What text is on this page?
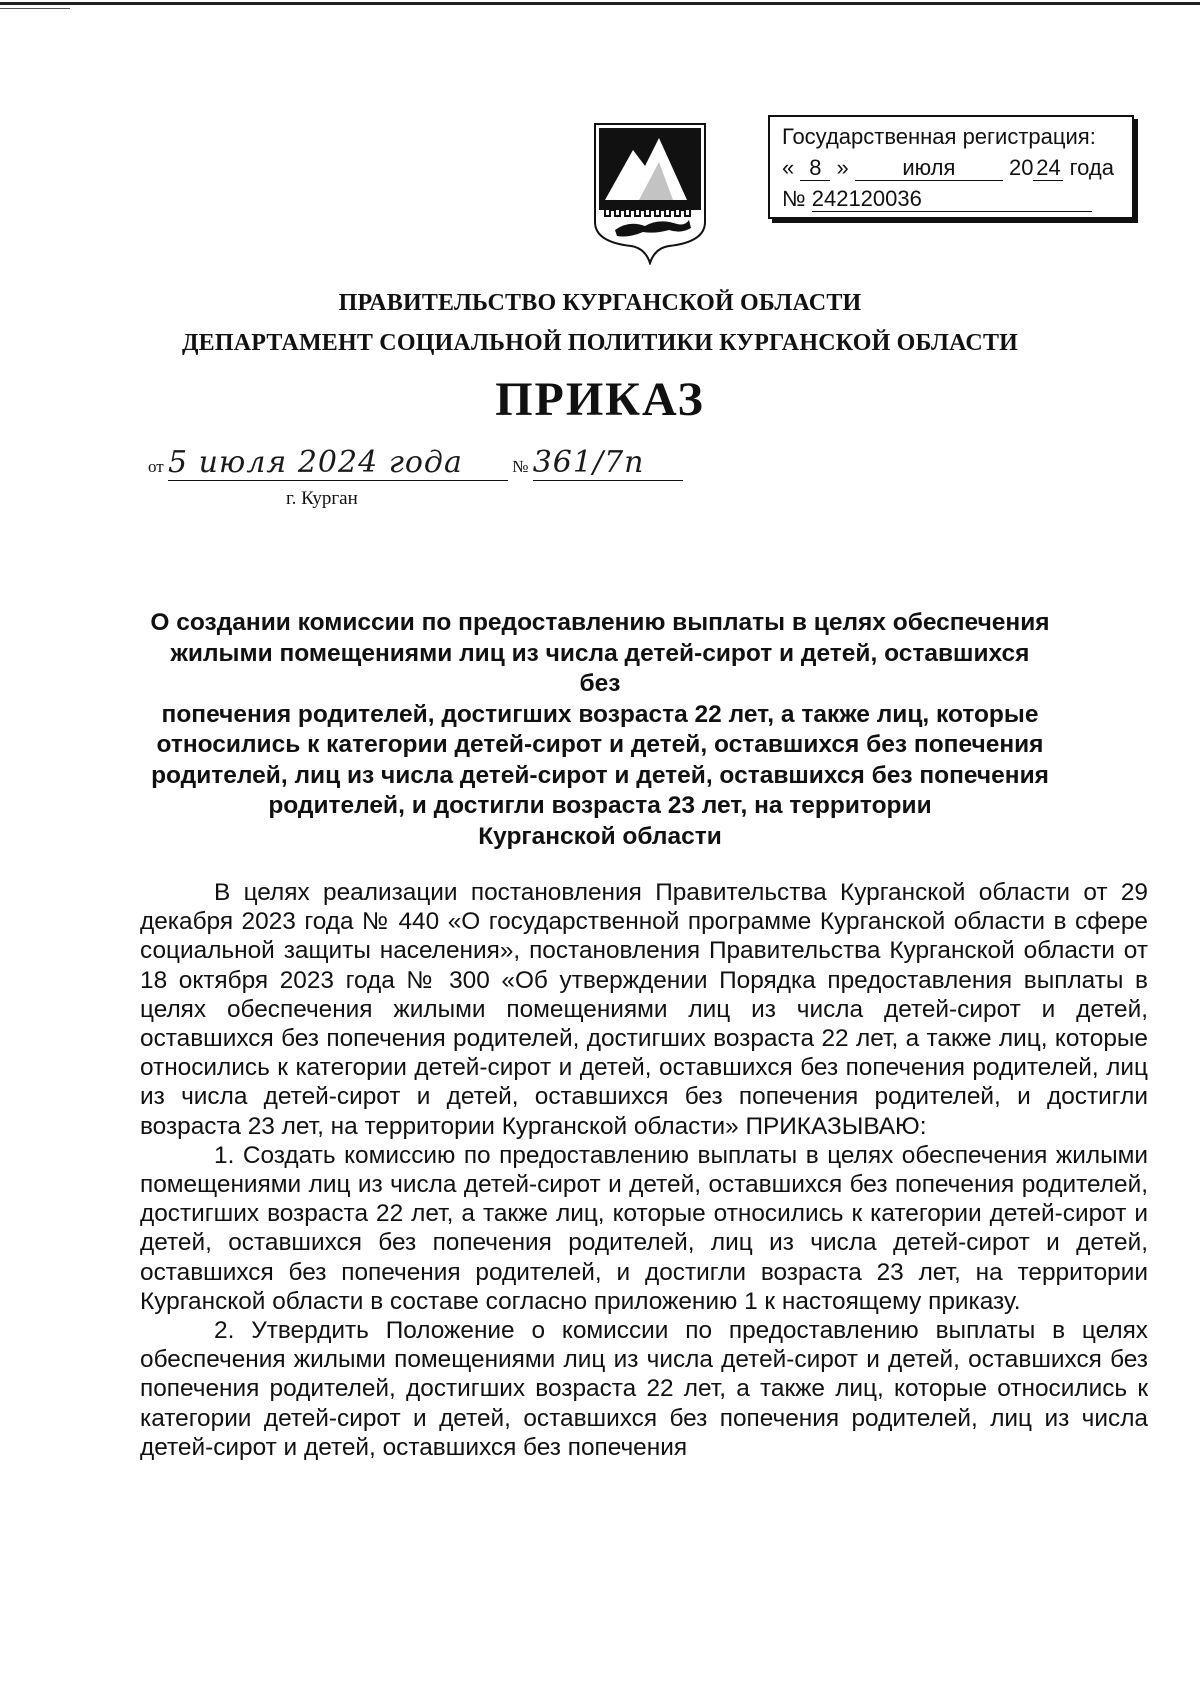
Государственная регистрация:
« 8 » июля 20 24 года
№ 242120036
ПРАВИТЕЛЬСТВО КУРГАНСКОЙ ОБЛАСТИ
ДЕПАРТАМЕНТ СОЦИАЛЬНОЙ ПОЛИТИКИ КУРГАНСКОЙ ОБЛАСТИ
ПРИКАЗ
от 5 июля 2024 года	№ 361/7п
г. Курган
О создании комиссии по предоставлению выплаты в целях обеспечения
жилыми помещениями лиц из числа детей-сирот и детей, оставшихся без
попечения родителей, достигших возраста 22 лет, а также лиц, которые
относились к категории детей-сирот и детей, оставшихся без попечения
родителей, лиц из числа детей-сирот и детей, оставшихся без попечения
родителей, и достигли возраста 23 лет, на территории
Курганской области

В целях реализации постановления Правительства Курганской области от 29 декабря 2023 года № 440 «О государственной программе Курганской области в сфере социальной защиты населения», постановления Правительства Курганской области от 18 октября 2023 года № 300 «Об утверждении Порядка предоставления выплаты в целях обеспечения жилыми помещениями лиц из числа детей-сирот и детей, оставшихся без попечения родителей, достигших возраста 22 лет, а также лиц, которые относились к категории детей-сирот и детей, оставшихся без попечения родителей, лиц из числа детей-сирот и детей, оставшихся без попечения родителей, и достигли возраста 23 лет, на территории Курганской области» ПРИКАЗЫВАЮ:

1. Создать комиссию по предоставлению выплаты в целях обеспечения жилыми помещениями лиц из числа детей-сирот и детей, оставшихся без попечения родителей, достигших возраста 22 лет, а также лиц, которые относились к категории детей-сирот и детей, оставшихся без попечения родителей, лиц из числа детей-сирот и детей, оставшихся без попечения родителей, и достигли возраста 23 лет, на территории Курганской области в составе согласно приложению 1 к настоящему приказу.

2. Утвердить Положение о комиссии по предоставлению выплаты в целях обеспечения жилыми помещениями лиц из числа детей-сирот и детей, оставшихся без попечения родителей, достигших возраста 22 лет, а также лиц, которые относились к категории детей-сирот и детей, оставшихся без попечения родителей, лиц из числа детей-сирот и детей, оставшихся без попечения
